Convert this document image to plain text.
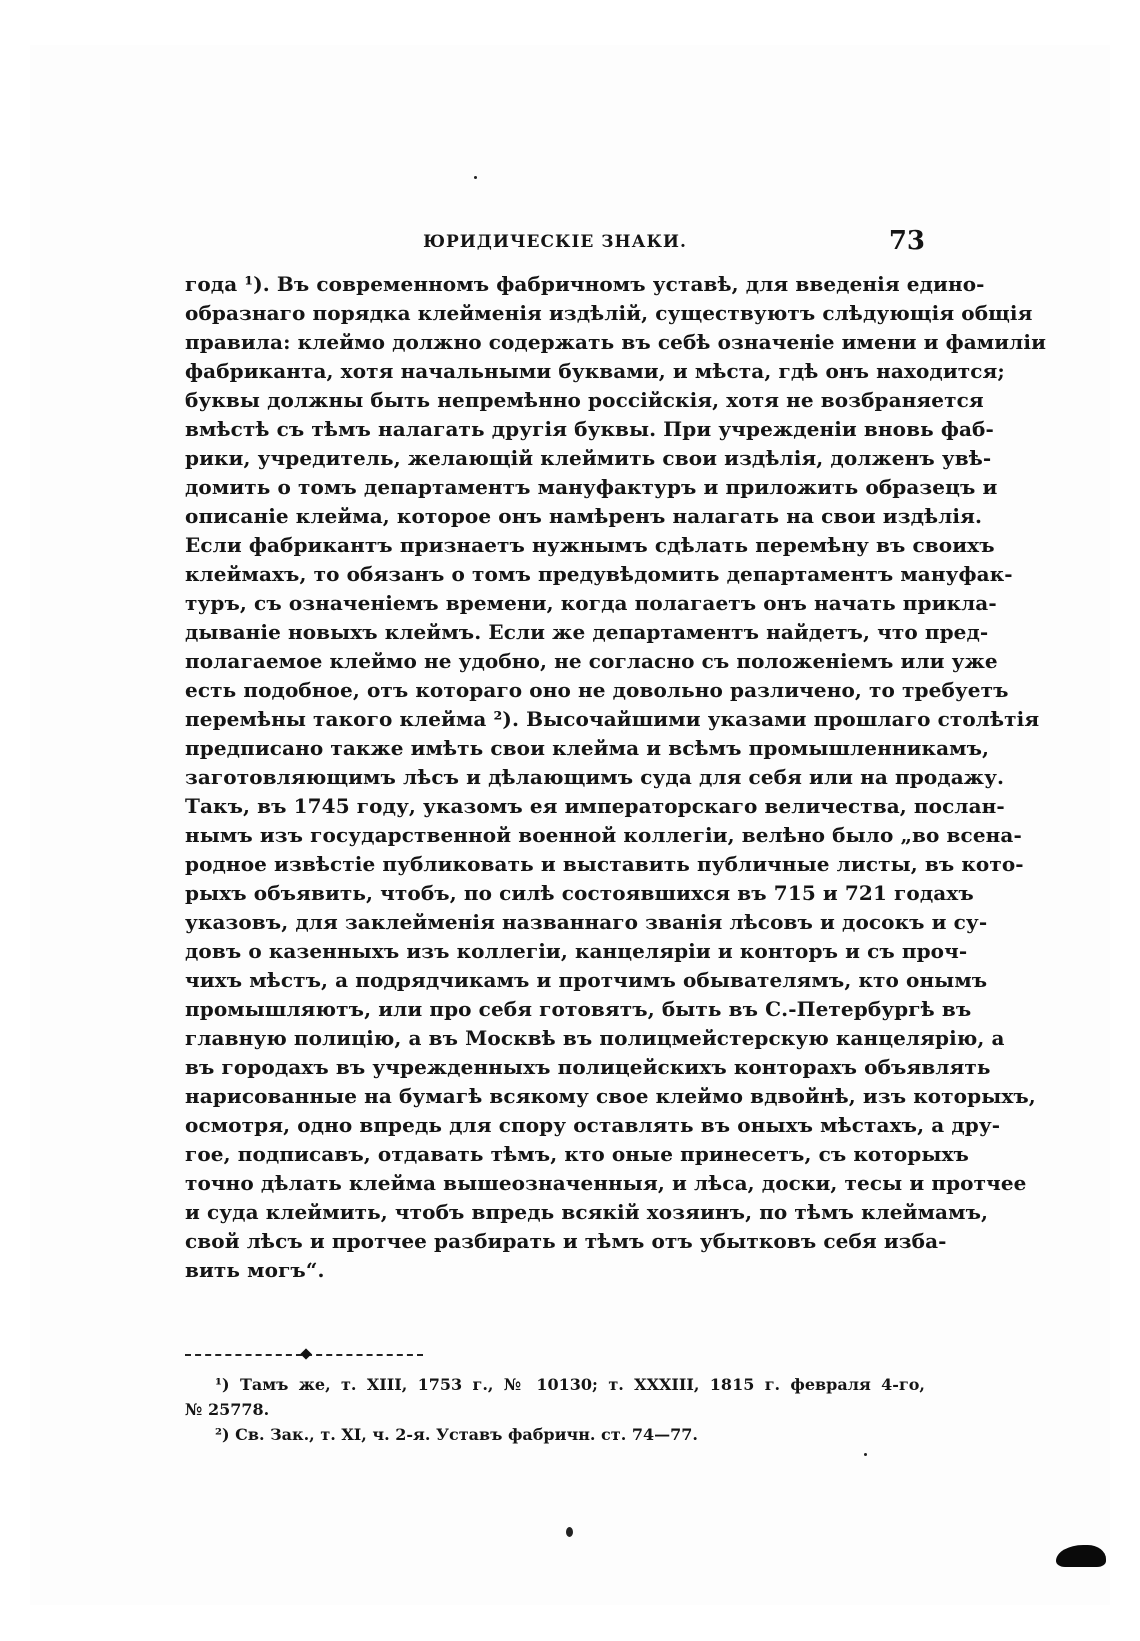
ЮРИДИЧЕСКIЕ ЗНАКИ.	73
года ¹). Въ современномъ фабричномъ уставѣ, для введенія едино-
образнаго порядка клейменія издѣлій, существуютъ слѣдующія общія
правила: клеймо должно содержать въ себѣ означеніе имени и фамиліи
фабриканта, хотя начальными буквами, и мѣста, гдѣ онъ находится;
буквы должны быть непремѣнно россійскія, хотя не возбраняется
вмѣстѣ съ тѣмъ налагать другія буквы. При учрежденіи вновь фаб-
рики, учредитель, желающій клеймить свои издѣлія, долженъ увѣ-
домить о томъ департаментъ мануфактуръ и приложить образецъ и
описаніе клейма, которое онъ намѣренъ налагать на свои издѣлія.
Если фабрикантъ признаетъ нужнымъ сдѣлать перемѣну въ своихъ
клеймахъ, то обязанъ о томъ предувѣдомить департаментъ мануфак-
туръ, съ означеніемъ времени, когда полагаетъ онъ начать прикла-
дываніе новыхъ клеймъ. Если же департаментъ найдетъ, что пред-
полагаемое клеймо не удобно, не согласно съ положеніемъ или уже
есть подобное, отъ котораго оно не довольно различено, то требуетъ
перемѣны такого клейма ²). Высочайшими указами прошлаго столѣтія
предписано также имѣть свои клейма и всѣмъ промышленникамъ,
заготовляющимъ лѣсъ и дѣлающимъ суда для себя или на продажу.
Такъ, въ 1745 году, указомъ ея императорскаго величества, послан-
нымъ изъ государственной военной коллегіи, велѣно было „во всена-
родное извѣстіе публиковать и выставить публичные листы, въ кото-
рыхъ объявить, чтобъ, по силѣ состоявшихся въ 715 и 721 годахъ
указовъ, для заклейменія названнаго званія лѣсовъ и досокъ и су-
довъ о казенныхъ изъ коллегіи, канцеляріи и конторъ и съ проч-
чихъ мѣстъ, а подрядчикамъ и протчимъ обывателямъ, кто онымъ
промышляютъ, или про себя готовятъ, быть въ С.-Петербургѣ въ
главную полицію, а въ Москвѣ въ полицмейстерскую канцелярію, а
въ городахъ въ учрежденныхъ полицейскихъ конторахъ объявлять
нарисованные на бумагѣ всякому свое клеймо вдвойнѣ, изъ которыхъ,
осмотря, одно впредь для спору оставлять въ оныхъ мѣстахъ, а дру-
гое, подписавъ, отдавать тѣмъ, кто оные принесетъ, съ которыхъ
точно дѣлать клейма вышеозначенныя, и лѣса, доски, тесы и протчее
и суда клеймить, чтобъ впредь всякій хозяинъ, по тѣмъ клеймамъ,
свой лѣсъ и протчее разбирать и тѣмъ отъ убытковъ себя изба-
вить могъ“.
¹) Тамъ же, т. XIII, 1753 г., № 10130; т. XXXIII, 1815 г. февраля 4-го,
№ 25778.
²) Св. Зак., т. XI, ч. 2-я. Уставъ фабричн. ст. 74—77.
